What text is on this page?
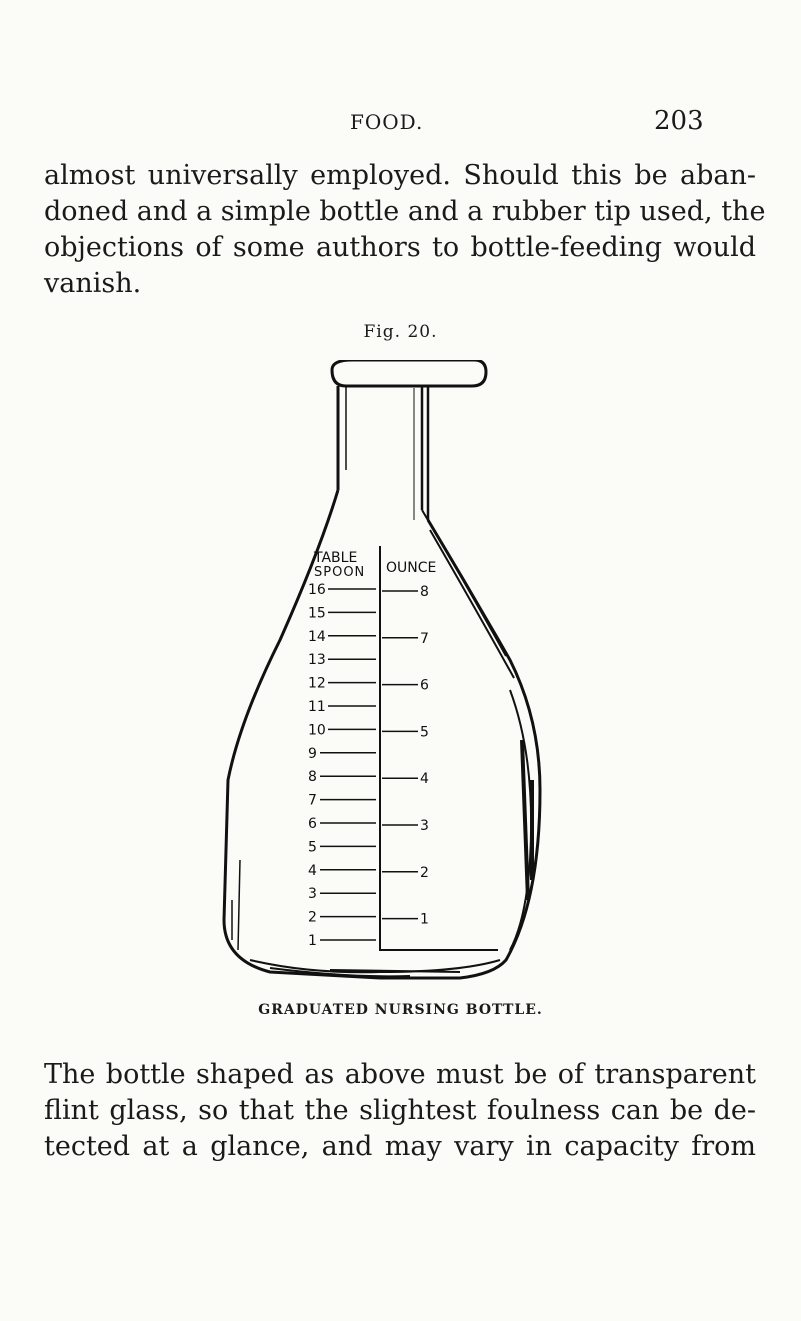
FOOD.	203
almost universally employed. Should this be aban-
doned and a simple bottle and a rubber tip used, the
objections of some authors to bottle-feeding would
vanish.
Fig. 20.
TABLE
SPOON OUNCE
16
15
14
13
12
11
10
9
8
7
6
5
4
3
2
1
8
7
6
5
4
3
2
1
GRADUATED NURSING BOTTLE.
The bottle shaped as above must be of transparent
flint glass, so that the slightest foulness can be de-
tected at a glance, and may vary in capacity from
